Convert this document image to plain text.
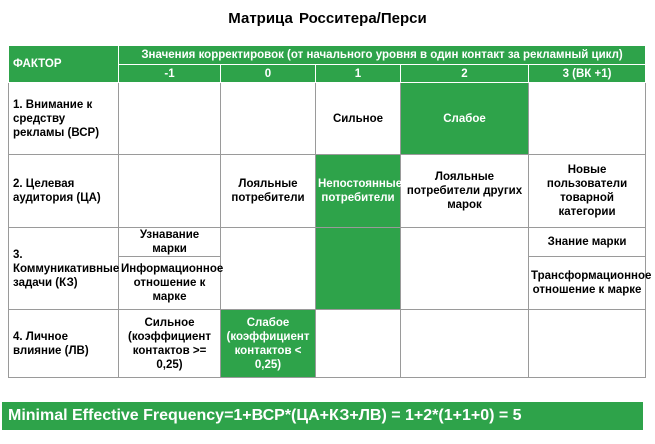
Матрица Росситера/Перси
ФАКТОР	Значения корректировок (от начального уровня в один контакт за рекламный цикл)				
	-1	0	1	2	3 (ВК +1)
1. Внимание к средству рекламы (ВСР)			Сильное	Слабое	
2. Целевая аудитория (ЦА)		Лояльные потребители	Непостоянные потребители	Лояльные потребители других марок	Новые пользователи товарной категории
3. Коммуникативные задачи (КЗ)	Узнавание марки				Знание марки
	Информационное отношение к марке				Трансформационное отношение к марке
4. Личное влияние (ЛВ)	Сильное (коэффициент контактов >= 0,25)	Слабое (коэффициент контактов < 0,25)			
Minimal Effective Frequency=1+ВСР*(ЦА+КЗ+ЛВ) = 1+2*(1+1+0) = 5
